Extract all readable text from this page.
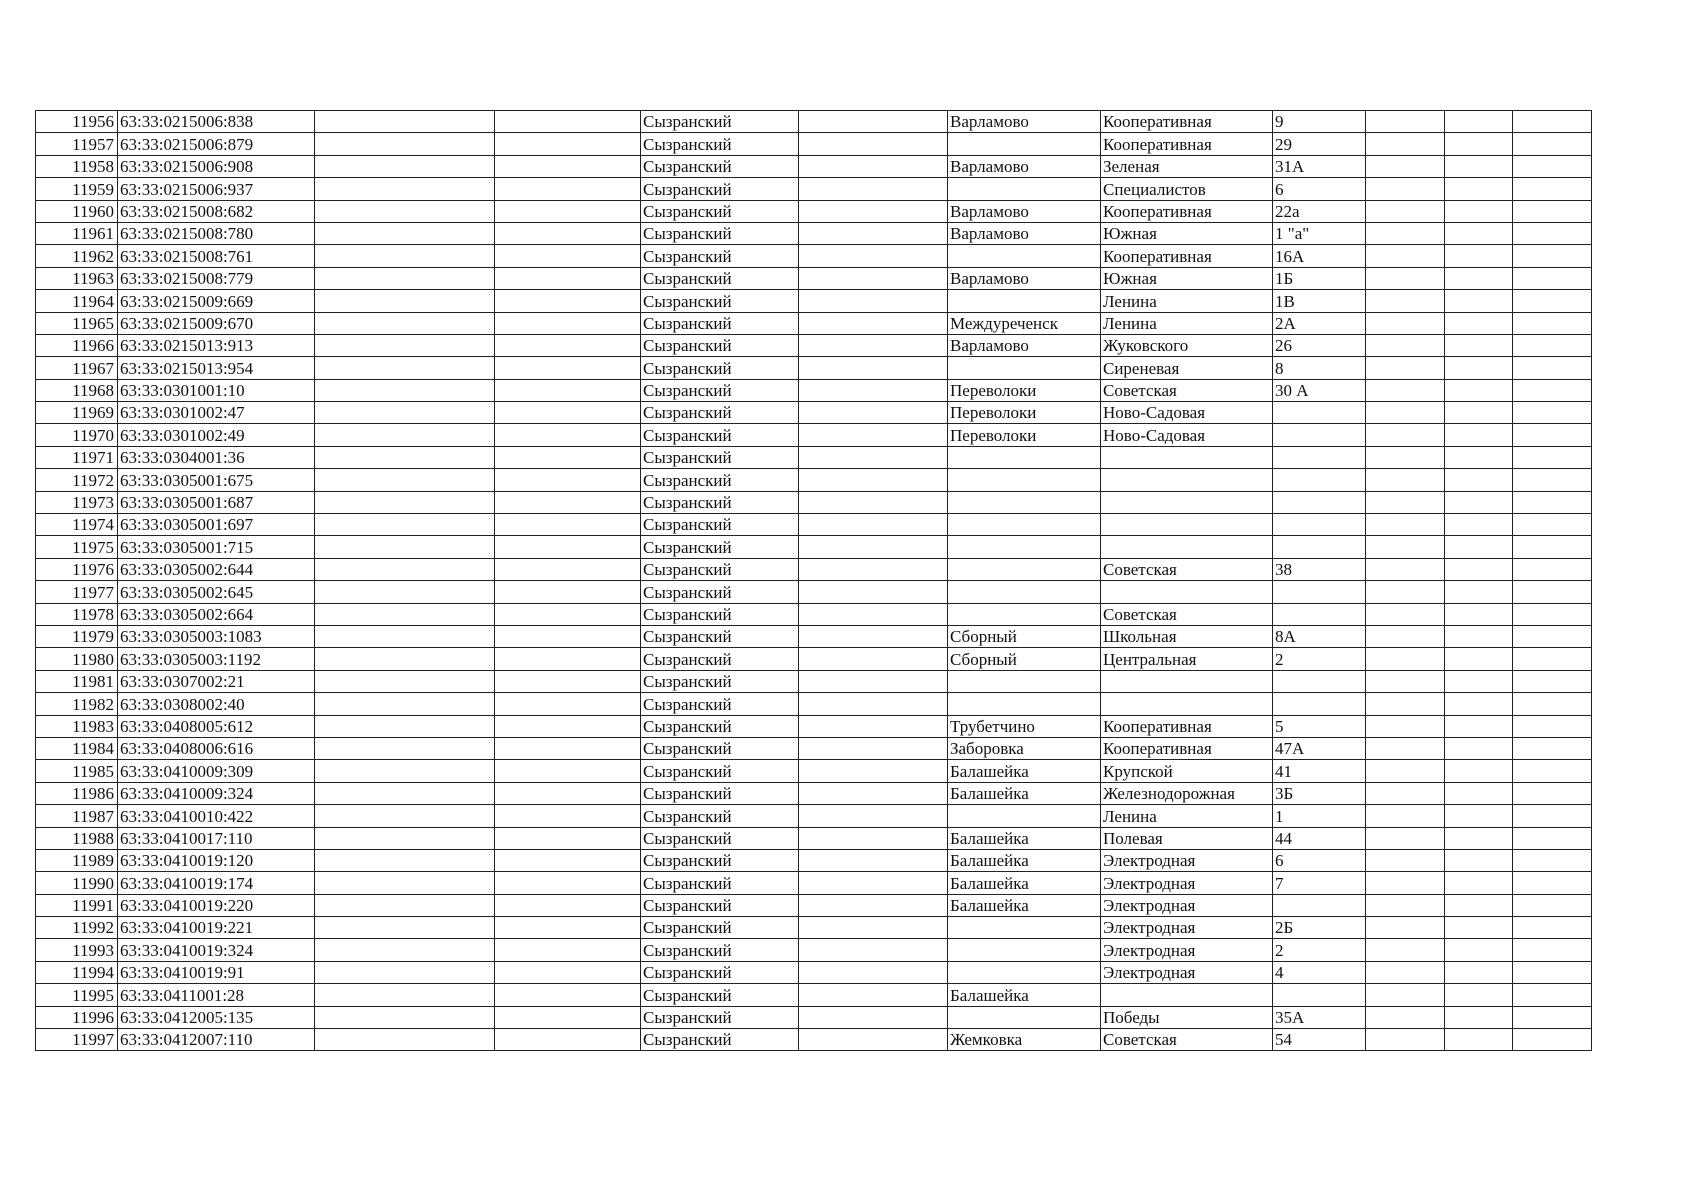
11956	63:33:0215006:838			Сызранский		Варламово	Кооперативная	9			
11957	63:33:0215006:879			Сызранский			Кооперативная	29			
11958	63:33:0215006:908			Сызранский		Варламово	Зеленая	31А			
11959	63:33:0215006:937			Сызранский			Специалистов	6			
11960	63:33:0215008:682			Сызранский		Варламово	Кооперативная	22а			
11961	63:33:0215008:780			Сызранский		Варламово	Южная	1 "а"			
11962	63:33:0215008:761			Сызранский			Кооперативная	16А			
11963	63:33:0215008:779			Сызранский		Варламово	Южная	1Б			
11964	63:33:0215009:669			Сызранский			Ленина	1В			
11965	63:33:0215009:670			Сызранский		Междуреченск	Ленина	2А			
11966	63:33:0215013:913			Сызранский		Варламово	Жуковского	26			
11967	63:33:0215013:954			Сызранский			Сиреневая	8			
11968	63:33:0301001:10			Сызранский		Переволоки	Советская	30 А			
11969	63:33:0301002:47			Сызранский		Переволоки	Ново-Садовая				
11970	63:33:0301002:49			Сызранский		Переволоки	Ново-Садовая				
11971	63:33:0304001:36			Сызранский							
11972	63:33:0305001:675			Сызранский							
11973	63:33:0305001:687			Сызранский							
11974	63:33:0305001:697			Сызранский							
11975	63:33:0305001:715			Сызранский							
11976	63:33:0305002:644			Сызранский			Советская	38			
11977	63:33:0305002:645			Сызранский							
11978	63:33:0305002:664			Сызранский			Советская				
11979	63:33:0305003:1083			Сызранский		Сборный	Школьная	8А			
11980	63:33:0305003:1192			Сызранский		Сборный	Центральная	2			
11981	63:33:0307002:21			Сызранский							
11982	63:33:0308002:40			Сызранский							
11983	63:33:0408005:612			Сызранский		Трубетчино	Кооперативная	5			
11984	63:33:0408006:616			Сызранский		Заборовка	Кооперативная	47А			
11985	63:33:0410009:309			Сызранский		Балашейка	Крупской	41			
11986	63:33:0410009:324			Сызранский		Балашейка	Железнодорожная	3Б			
11987	63:33:0410010:422			Сызранский			Ленина	1			
11988	63:33:0410017:110			Сызранский		Балашейка	Полевая	44			
11989	63:33:0410019:120			Сызранский		Балашейка	Электродная	6			
11990	63:33:0410019:174			Сызранский		Балашейка	Электродная	7			
11991	63:33:0410019:220			Сызранский		Балашейка	Электродная				
11992	63:33:0410019:221			Сызранский			Электродная	2Б			
11993	63:33:0410019:324			Сызранский			Электродная	2			
11994	63:33:0410019:91			Сызранский			Электродная	4			
11995	63:33:0411001:28			Сызранский		Балашейка					
11996	63:33:0412005:135			Сызранский			Победы	35А			
11997	63:33:0412007:110			Сызранский		Жемковка	Советская	54			
